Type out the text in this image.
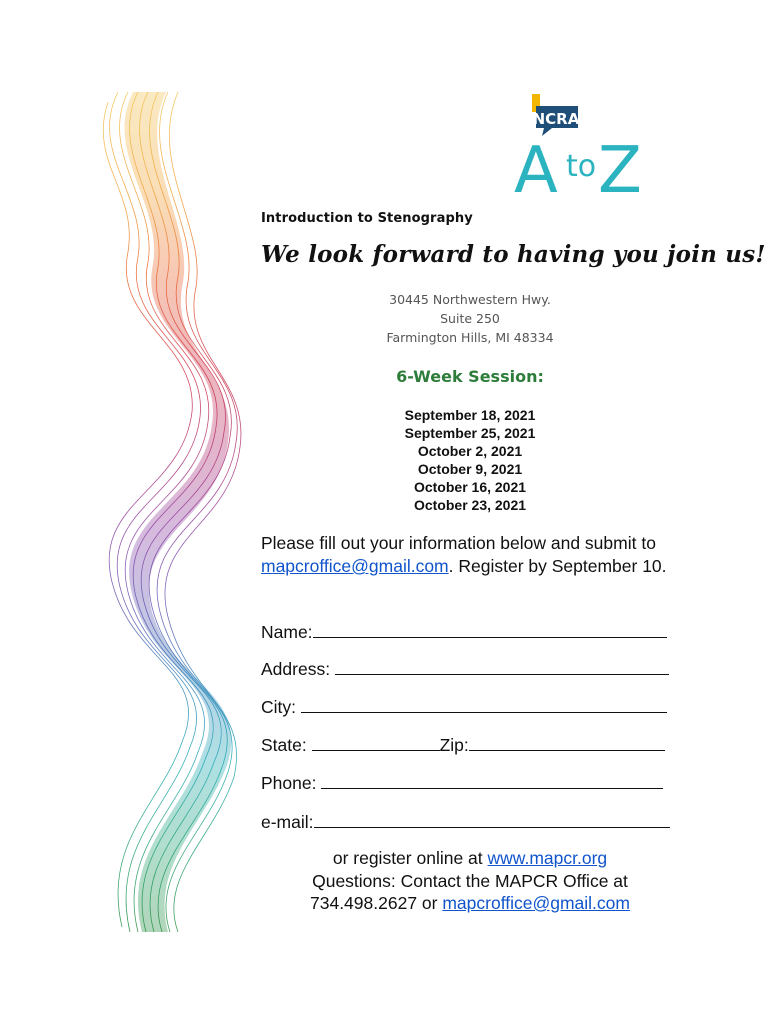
NCRA
A to Z
Introduction to Stenography
We look forward to having you join us!
30445 Northwestern Hwy.
Suite 250
Farmington Hills, MI 48334
6-Week Session:
September 18, 2021
September 25, 2021
October 2, 2021
October 9, 2021
October 16, 2021
October 23, 2021
Please fill out your information below and submit to
mapcroffice@gmail.com. Register by September 10.
Name:
Address:
City:
State:	Zip:
Phone:
e-mail:
or register online at www.mapcr.org
Questions: Contact the MAPCR Office at
734.498.2627 or mapcroffice@gmail.com
